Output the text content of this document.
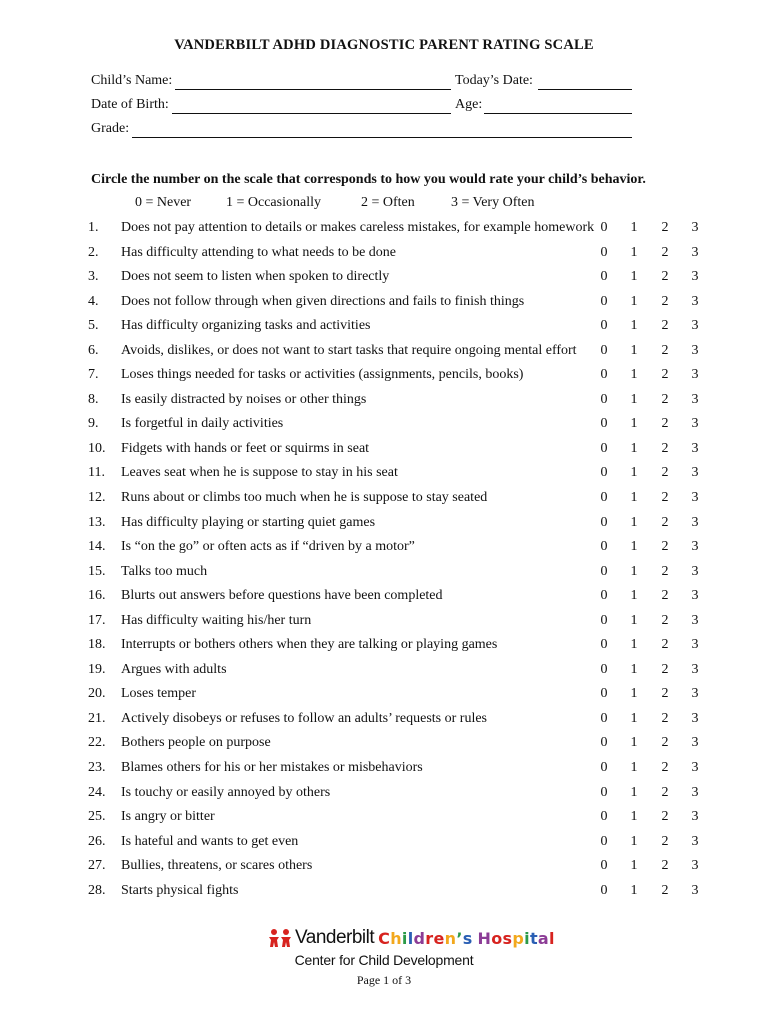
VANDERBILT ADHD DIAGNOSTIC PARENT RATING SCALE
Child’s Name:	Today’s Date:
Date of Birth:	Age:
Grade:
Circle the number on the scale that corresponds to how you would rate your child’s behavior.
0 = Never 1 = Occasionally	2 = Often	3 = Very Often
1. Does not pay attention to details or makes careless mistakes, for example homework 0 1 2 3
2. Has difficulty attending to what needs to be done	0 1 2 3
3. Does not seem to listen when spoken to directly	0 1 2 3
4. Does not follow through when given directions and fails to finish things	0 1 2 3
5. Has difficulty organizing tasks and activities	0 1 2 3
6. Avoids, dislikes, or does not want to start tasks that require ongoing mental effort 0 1 2 3
7. Loses things needed for tasks or activities (assignments, pencils, books)	0 1 2 3
8. Is easily distracted by noises or other things	0 1 2 3
9. Is forgetful in daily activities	0 1 2 3
10. Fidgets with hands or feet or squirms in seat	0 1 2 3
11. Leaves seat when he is suppose to stay in his seat	0 1 2 3
12. Runs about or climbs too much when he is suppose to stay seated	0 1 2 3
13. Has difficulty playing or starting quiet games	0 1 2 3
14. Is “on the go” or often acts as if “driven by a motor”	0 1 2 3
15. Talks too much	0 1 2 3
16. Blurts out answers before questions have been completed	0 1 2 3
17. Has difficulty waiting his/her turn	0 1 2 3
18. Interrupts or bothers others when they are talking or playing games	0 1 2 3
19. Argues with adults	0 1 2 3
20. Loses temper	0 1 2 3
21. Actively disobeys or refuses to follow an adults’ requests or rules	0 1 2 3
22. Bothers people on purpose	0 1 2 3
23. Blames others for his or her mistakes or misbehaviors	0 1 2 3
24. Is touchy or easily annoyed by others	0 1 2 3
25. Is angry or bitter	0 1 2 3
26. Is hateful and wants to get even	0 1 2 3
27. Bullies, threatens, or scares others	0 1 2 3
28. Starts physical fights	0 1 2 3
Vanderbilt Children’s Hospital
Center for Child Development
Page 1 of 3
